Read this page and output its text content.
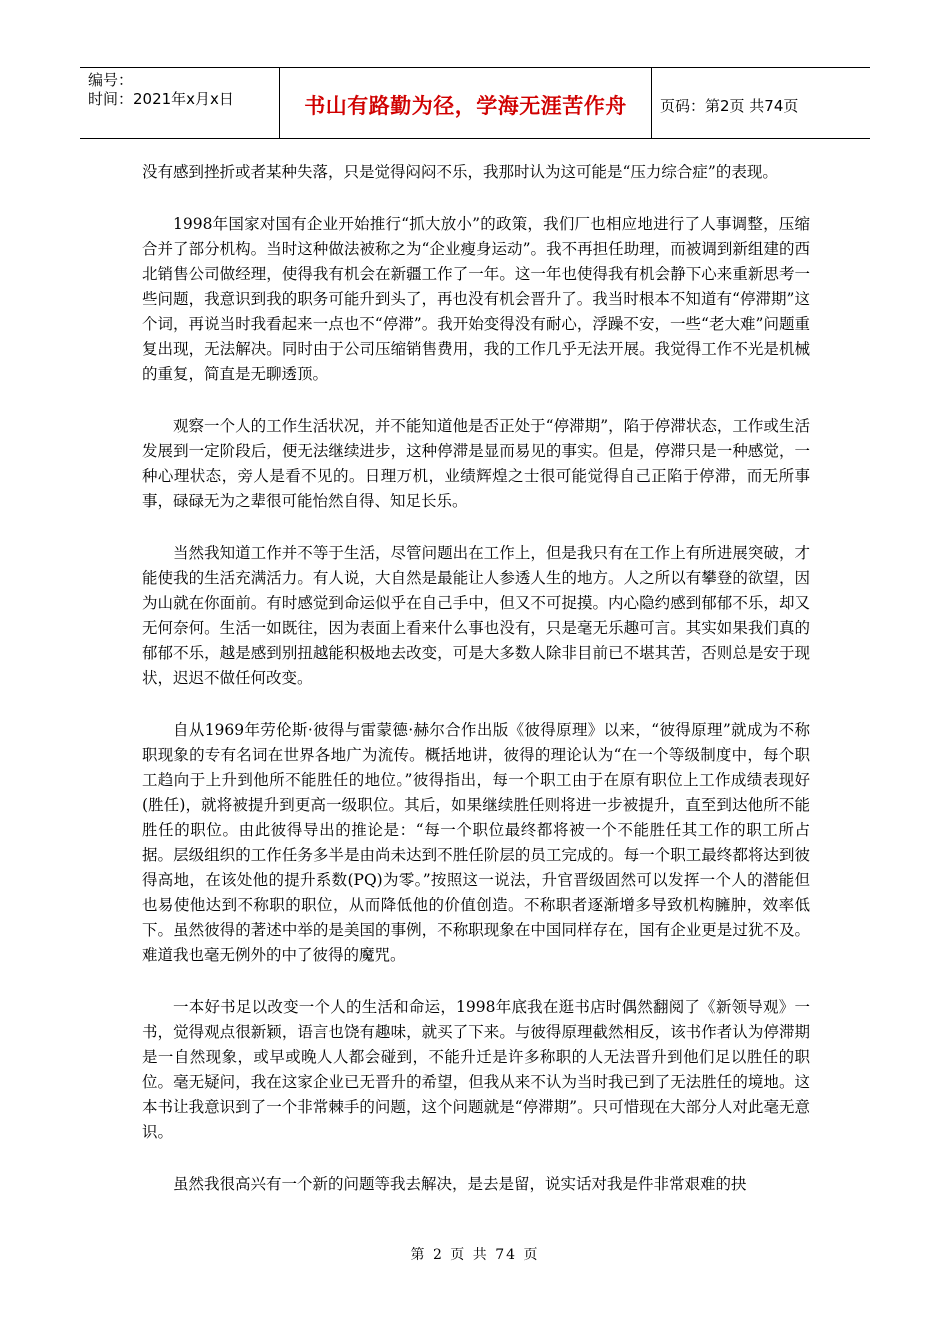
编号：
时间：2021年x月x日	书山有路勤为径，学海无涯苦作舟	页码：第2页 共74页

没有感到挫折或者某种失落，只是觉得闷闷不乐，我那时认为这可能是“压力综合症”的表现。

1998年国家对国有企业开始推行“抓大放小”的政策，我们厂也相应地进行了人事调整，压缩合并了部分机构。当时这种做法被称之为“企业瘦身运动”。我不再担任助理，而被调到新组建的西北销售公司做经理，使得我有机会在新疆工作了一年。这一年也使得我有机会静下心来重新思考一些问题，我意识到我的职务可能升到头了，再也没有机会晋升了。我当时根本不知道有“停滞期”这个词，再说当时我看起来一点也不“停滞”。我开始变得没有耐心，浮躁不安，一些“老大难”问题重复出现，无法解决。同时由于公司压缩销售费用，我的工作几乎无法开展。我觉得工作不光是机械的重复，简直是无聊透顶。

观察一个人的工作生活状况，并不能知道他是否正处于“停滞期”，陷于停滞状态，工作或生活发展到一定阶段后，便无法继续进步，这种停滞是显而易见的事实。但是，停滞只是一种感觉，一种心理状态，旁人是看不见的。日理万机，业绩辉煌之士很可能觉得自己正陷于停滞，而无所事事，碌碌无为之辈很可能怡然自得、知足长乐。

当然我知道工作并不等于生活，尽管问题出在工作上，但是我只有在工作上有所进展突破，才能使我的生活充满活力。有人说，大自然是最能让人参透人生的地方。人之所以有攀登的欲望，因为山就在你面前。有时感觉到命运似乎在自己手中，但又不可捉摸。内心隐约感到郁郁不乐，却又无何奈何。生活一如既往，因为表面上看来什么事也没有，只是毫无乐趣可言。其实如果我们真的郁郁不乐，越是感到别扭越能积极地去改变，可是大多数人除非目前已不堪其苦，否则总是安于现状，迟迟不做任何改变。

自从1969年劳伦斯·彼得与雷蒙德·赫尔合作出版《彼得原理》以来，“彼得原理”就成为不称职现象的专有名词在世界各地广为流传。概括地讲，彼得的理论认为“在一个等级制度中，每个职工趋向于上升到他所不能胜任的地位。”彼得指出，每一个职工由于在原有职位上工作成绩表现好(胜任)，就将被提升到更高一级职位。其后，如果继续胜任则将进一步被提升，直至到达他所不能胜任的职位。由此彼得导出的推论是：“每一个职位最终都将被一个不能胜任其工作的职工所占据。层级组织的工作任务多半是由尚未达到不胜任阶层的员工完成的。每一个职工最终都将达到彼得高地，在该处他的提升系数(PQ)为零。”按照这一说法，升官晋级固然可以发挥一个人的潜能但也易使他达到不称职的职位，从而降低他的价值创造。不称职者逐渐增多导致机构臃肿，效率低下。虽然彼得的著述中举的是美国的事例，不称职现象在中国同样存在，国有企业更是过犹不及。难道我也毫无例外的中了彼得的魔咒。

一本好书足以改变一个人的生活和命运，1998年底我在逛书店时偶然翻阅了《新领导观》一书，觉得观点很新颖，语言也饶有趣味，就买了下来。与彼得原理截然相反，该书作者认为停滞期是一自然现象，或早或晚人人都会碰到，不能升迁是许多称职的人无法晋升到他们足以胜任的职位。毫无疑问，我在这家企业已无晋升的希望，但我从来不认为当时我已到了无法胜任的境地。这本书让我意识到了一个非常棘手的问题，这个问题就是“停滞期”。只可惜现在大部分人对此毫无意识。

虽然我很高兴有一个新的问题等我去解决，是去是留，说实话对我是件非常艰难的抉

第 2 页 共 74 页
